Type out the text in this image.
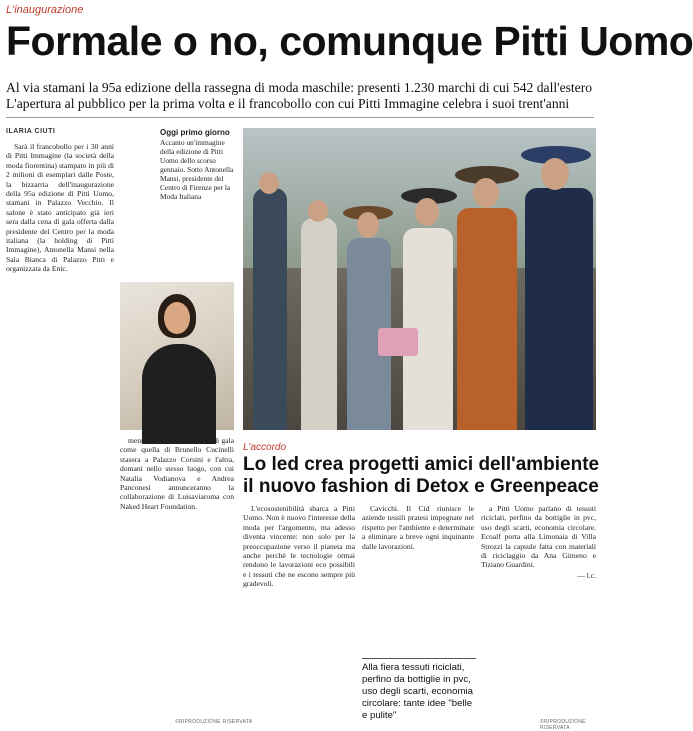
L'inaugurazione
Formale o no, comunque Pitti Uomo
Al via stamani la 95a edizione della rassegna di moda maschile: presenti 1.230 marchi di cui 542 dall'estero
L'apertura al pubblico per la prima volta e il francobollo con cui Pitti Immagine celebra i suoi trent'anni
ILARIA CIUTI

Sarà il francobollo per i 30 anni di Pitti Immagine (la società della moda fiorentina) stampato in più di 2 milioni di esemplari dalle Poste, la bizzarria dell'inaugurazione della 95a edizione di Pitti Uomo, stamani in Palazzo Vecchio. Il salone è stato anticipato già ieri sera dalla cena di gala offerta dalla presidente del Centro per la moda italiana (la holding di Pitti Immagine), Antonella Mansi nella Sala Bianca di Palazzo Pitti e organizzata da Enic.

Oggi primo giorno
Accanto un'immagine della edizione di Pitti Uomo dello scorso gennaio. Sotto Antonella Mansi, presidente del Centro di Firenze per la Moda Italiana

menti, show, cocktail, cene di gala come quella di Brunello Cucinelli stasera a Palazzo Corsini e l'altra, domani nello stesso luogo, con cui Natalia Vodianova e Andrea Panconesi annunceranno la collaborazione di Luisaviaroma con Naked Heart Foundation.

L'accordo
Lo led crea progetti amici dell'ambiente
il nuovo fashion di Detox e Greenpeace

L'ecosostenibilità sbarca a Pitti Uomo. Non è nuovo l'interesse della moda per l'argomento, ma adesso diventa vincente: non solo per la preoccupazione verso il pianeta ma anche perché le tecnologie ormai rendono le lavorazioni eco possibili e i tessuti che ne escono sempre più gradevoli.

Cavicchi. Il Cid riunisce le aziende tessili pratesi impegnate nel rispetto per l'ambiente e determinate a eliminare a breve ogni inquinante dalle lavorazioni.

Alla fiera tessuti riciclati, perfino da bottiglie in pvc, uso degli scarti, economia circolare: tante idee "belle e pulite"

a Pitti Uomo parlano di tessuti riciclati, perfino da bottiglie in pvc, uso degli scarti, economia circolare. Ecoalf porta alla Limonaia di Villa Strozzi la capsule fatta con materiali di riciclaggio da Ana Gimeno e Tiziano Guardini.

— l.c.

©RIPRODUZIONE RISERVATA	©RIPRODUZIONE RISERVATA
